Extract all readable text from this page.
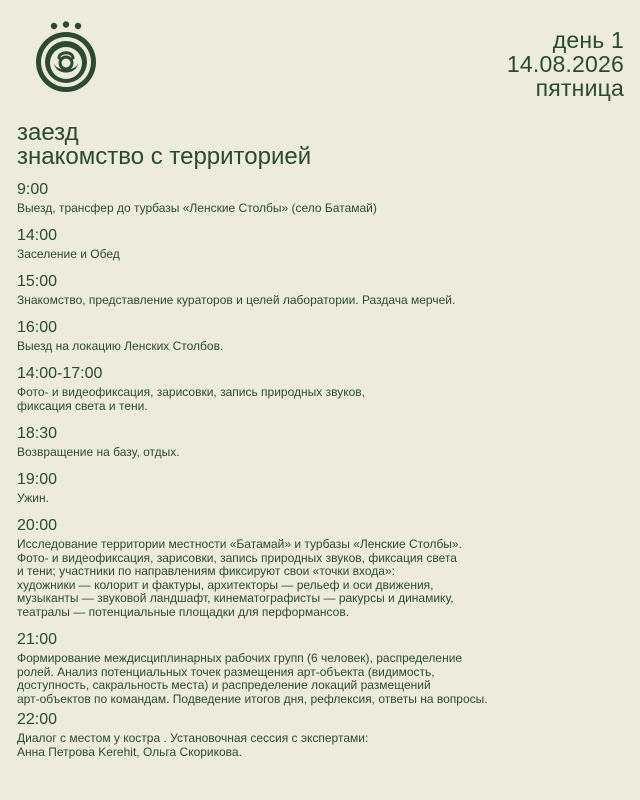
день 1
14.08.2026
пятница
заезд
знакомство с территорией
9:00
Выезд, трансфер до турбазы «Ленские Столбы» (село Батамай)
14:00
Заселение и Обед
15:00
Знакомство, представление кураторов и целей лаборатории. Раздача мерчей.
16:00
Выезд на локацию Ленских Столбов.
14:00-17:00
Фото- и видеофиксация, зарисовки, запись природных звуков,
фиксация света и тени.
18:30
Возвращение на базу, отдых.
19:00
Ужин.
20:00
Исследование территории местности «Батамай» и турбазы «Ленские Столбы».
Фото- и видеофиксация, зарисовки, запись природных звуков, фиксация света
и тени; участники по направлениям фиксируют свои «точки входа»:
художники — колорит и фактуры, архитекторы — рельеф и оси движения,
музыканты — звуковой ландшафт, кинематографисты — ракурсы и динамику,
театралы — потенциальные площадки для перформансов.
21:00
Формирование междисциплинарных рабочих групп (6 человек), распределение
ролей. Анализ потенциальных точек размещения арт-объекта (видимость,
доступность, сакральность места) и распределение локаций размещений
арт-объектов по командам. Подведение итогов дня, рефлексия, ответы на вопросы.
22:00
Диалог с местом у костра . Установочная сессия с экспертами:
Анна Петрова Kerehit, Ольга Скорикова.
